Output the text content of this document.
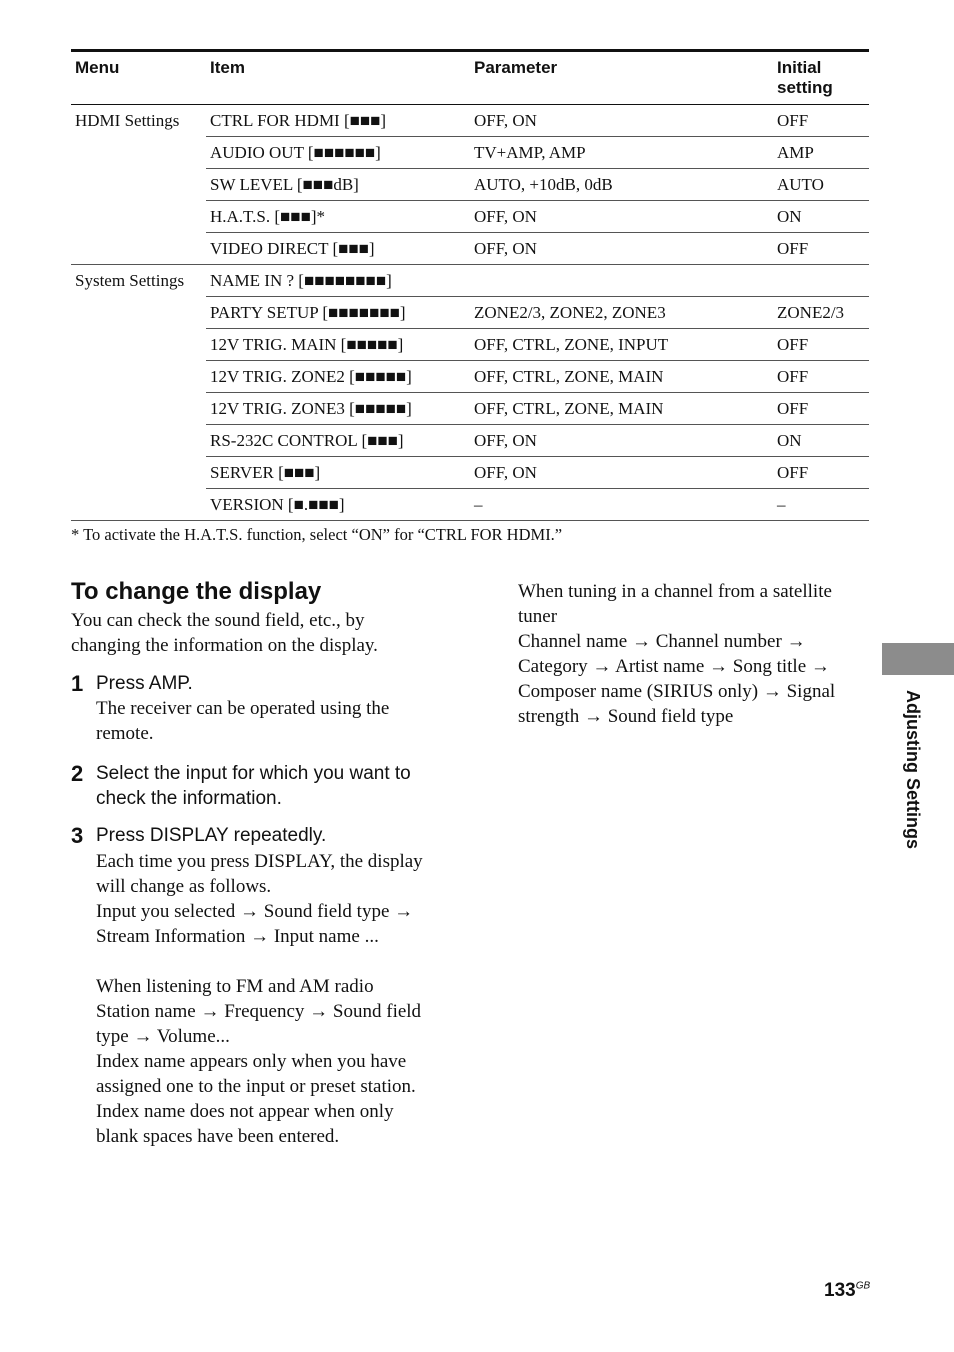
Menu	Item	Parameter	Initial setting
HDMI Settings	CTRL FOR HDMI [■■■]	OFF, ON	OFF
	AUDIO OUT [■■■■■■]	TV+AMP, AMP	AMP
	SW LEVEL [■■■dB]	AUTO, +10dB, 0dB	AUTO
	H.A.T.S. [■■■]*	OFF, ON	ON
	VIDEO DIRECT [■■■]	OFF, ON	OFF
System Settings	NAME IN ? [■■■■■■■■]		
	PARTY SETUP [■■■■■■■]	ZONE2/3, ZONE2, ZONE3	ZONE2/3
	12V TRIG. MAIN [■■■■■]	OFF, CTRL, ZONE, INPUT	OFF
	12V TRIG. ZONE2 [■■■■■]	OFF, CTRL, ZONE, MAIN	OFF
	12V TRIG. ZONE3 [■■■■■]	OFF, CTRL, ZONE, MAIN	OFF
	RS-232C CONTROL [■■■]	OFF, ON	ON
	SERVER [■■■]	OFF, ON	OFF
	VERSION [■.■■■]	–	–
* To activate the H.A.T.S. function, select “ON” for “CTRL FOR HDMI.”
To change the display
You can check the sound field, etc., by
changing the information on the display.
1 Press AMP.
The receiver can be operated using the
remote.
2 Select the input for which you want to
check the information.
3 Press DISPLAY repeatedly.
Each time you press DISPLAY, the display
will change as follows.
Input you selected → Sound field type →
Stream Information → Input name ...
When listening to FM and AM radio
Station name → Frequency → Sound field
type → Volume...
Index name appears only when you have
assigned one to the input or preset station.
Index name does not appear when only
blank spaces have been entered.
When tuning in a channel from a satellite
tuner
Channel name → Channel number →
Category → Artist name → Song title →
Composer name (SIRIUS only) → Signal
strength → Sound field type	Adjusting Settings
$133^{GB}$
